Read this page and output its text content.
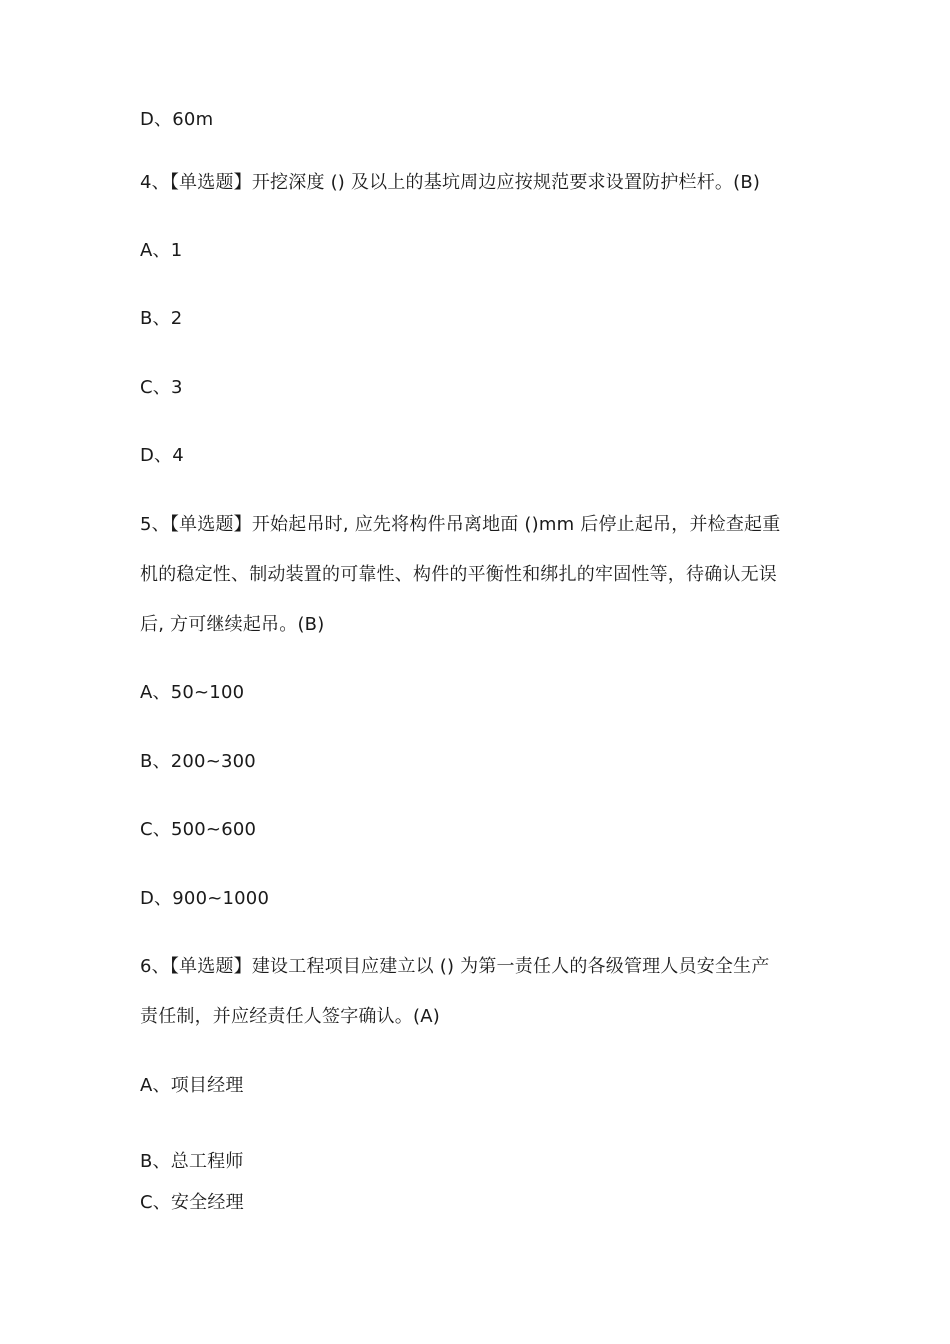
D、60m
4、【单选题】开挖深度 () 及以上的基坑周边应按规范要求设置防护栏杆。(B)
A、1
B、2
C、3
D、4
5、【单选题】开始起吊时, 应先将构件吊离地面 ()mm 后停止起吊，并检查起重
机的稳定性、制动装置的可靠性、构件的平衡性和绑扎的牢固性等，待确认无误
后, 方可继续起吊。(B)
A、50~100
B、200~300
C、500~600
D、900~1000
6、【单选题】建设工程项目应建立以 () 为第一责任人的各级管理人员安全生产
责任制，并应经责任人签字确认。(A)
A、项目经理
B、总工程师
C、安全经理
